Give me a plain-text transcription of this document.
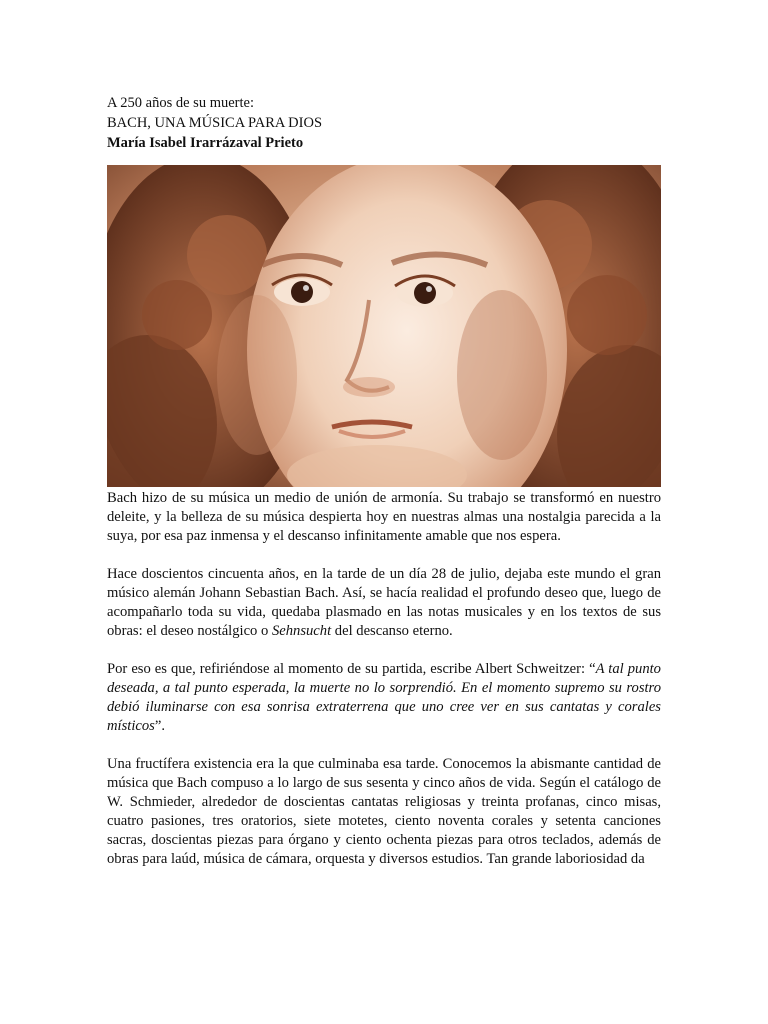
A 250 años de su muerte:

BACH, UNA MÚSICA PARA DIOS

María Isabel Irarrázaval Prieto

Bach hizo de su música un medio de unión de armonía. Su trabajo se transformó en nuestro deleite, y la belleza de su música despierta hoy en nuestras almas una nostalgia parecida a la suya, por esa paz inmensa y el descanso infinitamente amable que nos espera.

Hace doscientos cincuenta años, en la tarde de un día 28 de julio, dejaba este mundo el gran músico alemán Johann Sebastian Bach. Así, se hacía realidad el profundo deseo que, luego de acompañarlo toda su vida, quedaba plasmado en las notas musicales y en los textos de sus obras: el deseo nostálgico o Sehnsucht del descanso eterno.

Por eso es que, refiriéndose al momento de su partida, escribe Albert Schweitzer: “A tal punto deseada, a tal punto esperada, la muerte no lo sorprendió. En el momento supremo su rostro debió iluminarse con esa sonrisa extraterrena que uno cree ver en sus cantatas y corales místicos”.

Una fructífera existencia era la que culminaba esa tarde. Conocemos la abismante cantidad de música que Bach compuso a lo largo de sus sesenta y cinco años de vida. Según el catálogo de W. Schmieder, alrededor de doscientas cantatas religiosas y treinta profanas, cinco misas, cuatro pasiones, tres oratorios, siete motetes, ciento noventa corales y setenta canciones sacras, doscientas piezas para órgano y ciento ochenta piezas para otros teclados, además de obras para laúd, música de cámara, orquesta y diversos estudios. Tan grande laboriosidad da
